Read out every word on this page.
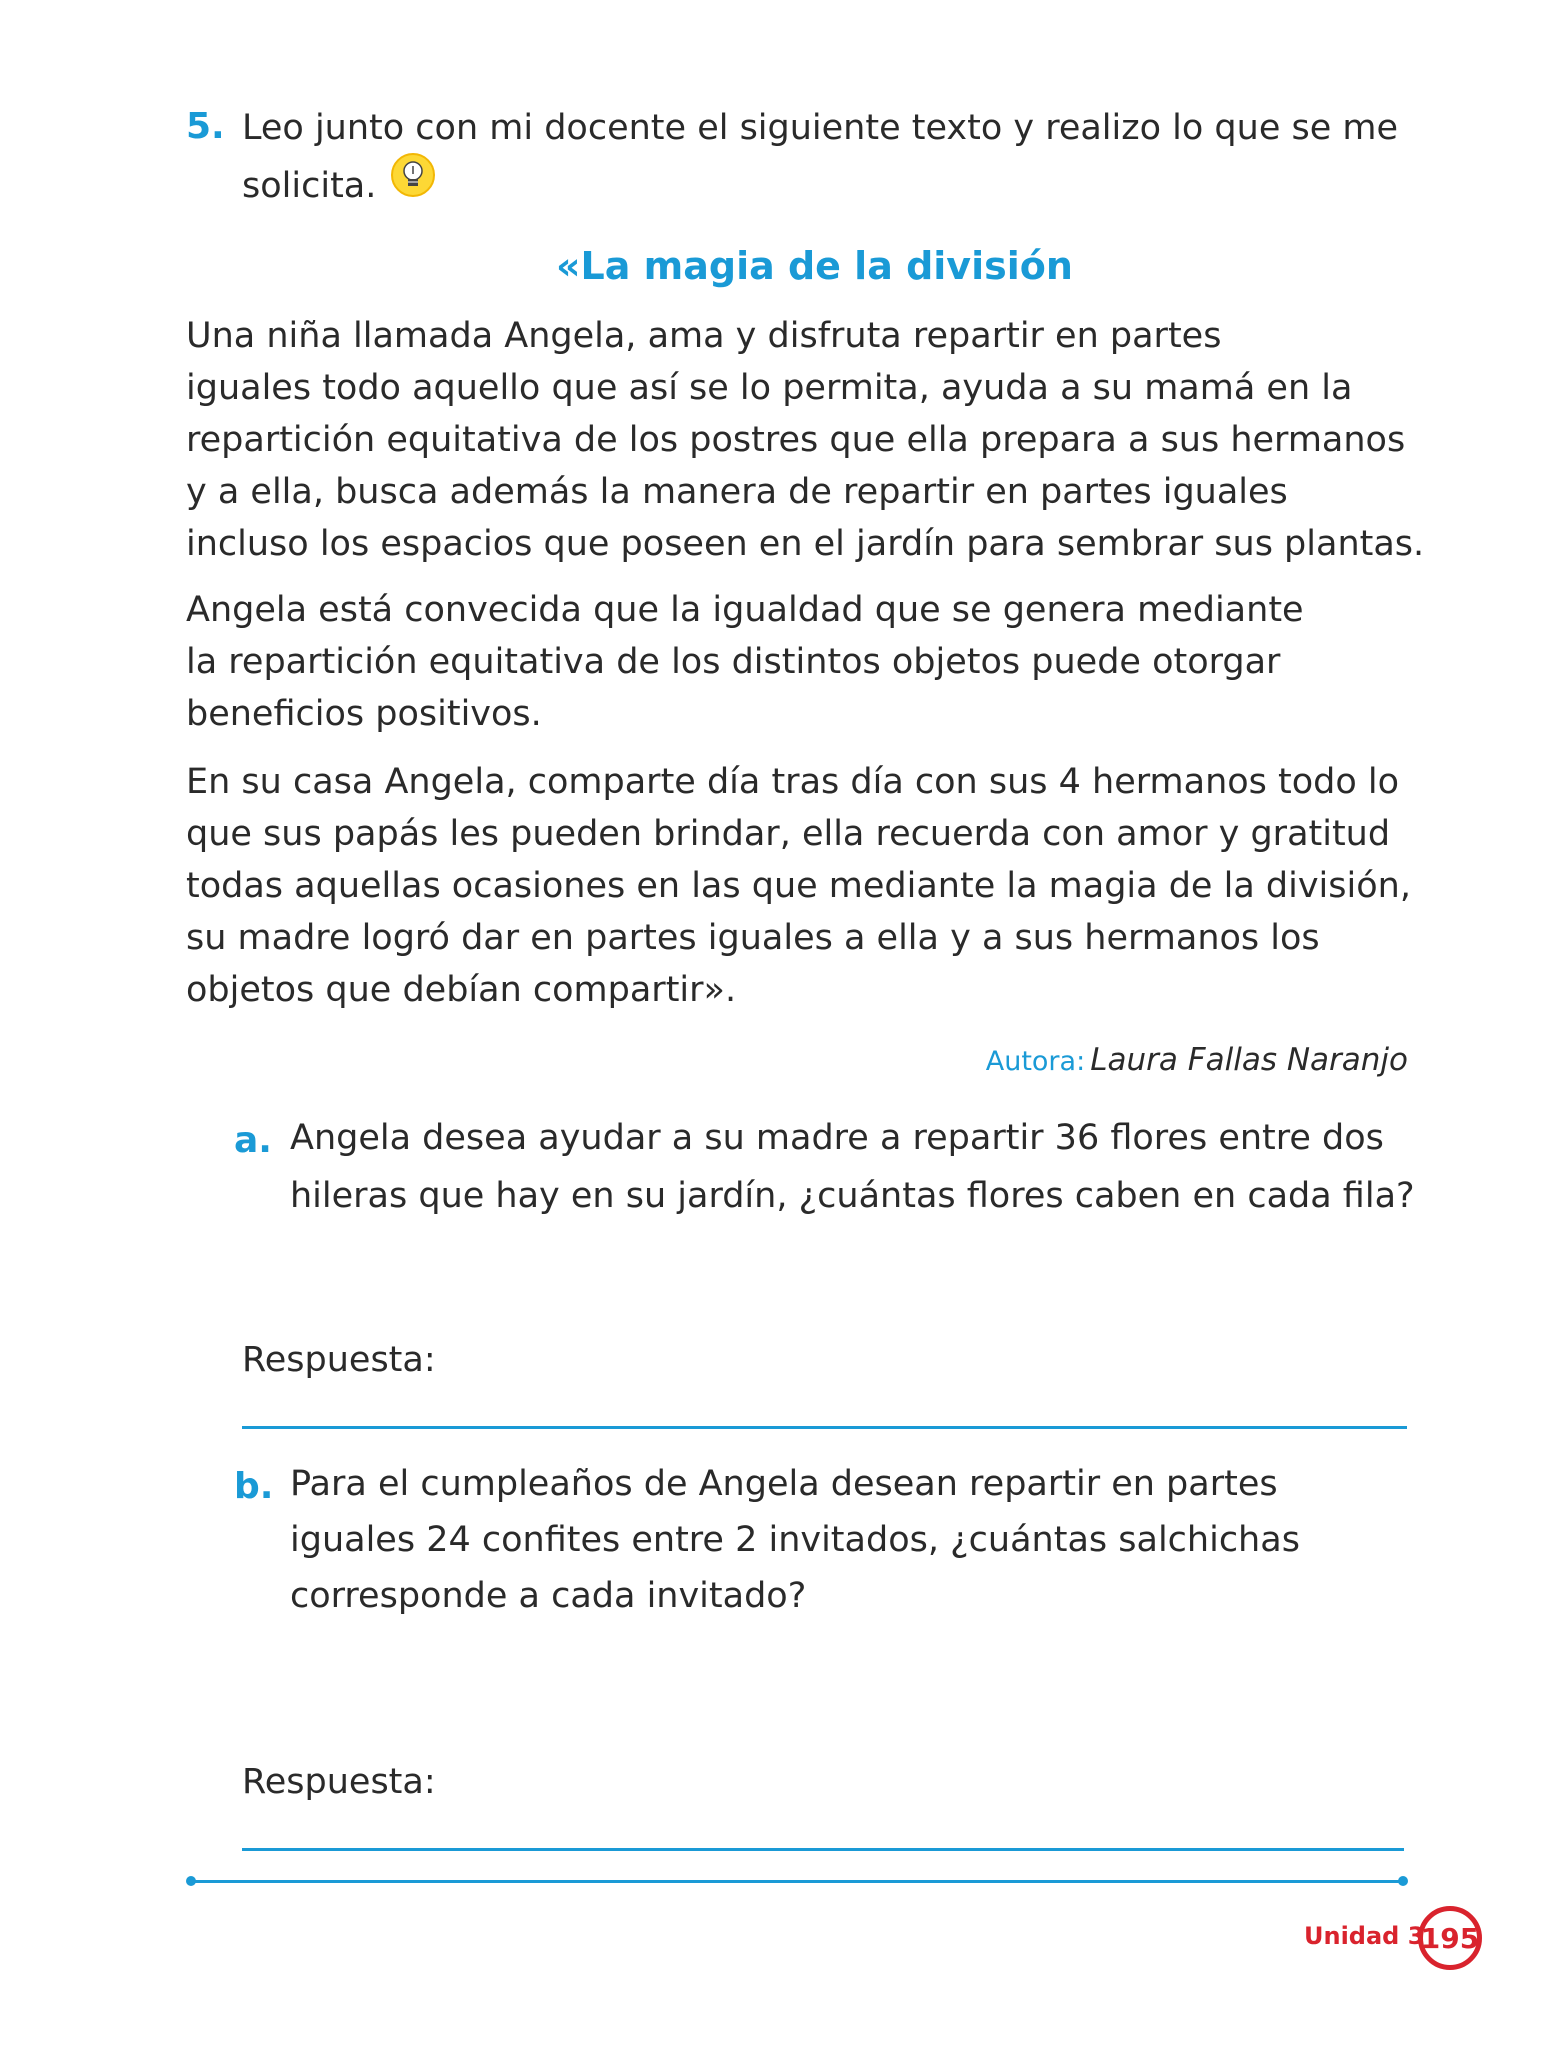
5. Leo junto con mi docente el siguiente texto y realizo lo que se me
solicita.
«La magia de la división
Una niña llamada Angela, ama y disfruta repartir en partes
iguales todo aquello que así se lo permita, ayuda a su mamá en la
repartición equitativa de los postres que ella prepara a sus hermanos
y a ella, busca además la manera de repartir en partes iguales
incluso los espacios que poseen en el jardín para sembrar sus plantas.
Angela está convecida que la igualdad que se genera mediante
la repartición equitativa de los distintos objetos puede otorgar
beneficios positivos.
En su casa Angela, comparte día tras día con sus 4 hermanos todo lo
que sus papás les pueden brindar, ella recuerda con amor y gratitud
todas aquellas ocasiones en las que mediante la magia de la división,
su madre logró dar en partes iguales a ella y a sus hermanos los
objetos que debían compartir».
Autora: Laura Fallas Naranjo
a. Angela desea ayudar a su madre a repartir 36 flores entre dos
hileras que hay en su jardín, ¿cuántas flores caben en cada fila?
Respuesta:
b. Para el cumpleaños de Angela desean repartir en partes
iguales 24 confites entre 2 invitados, ¿cuántas salchichas
corresponde a cada invitado?
Respuesta:
Unidad 3
195
